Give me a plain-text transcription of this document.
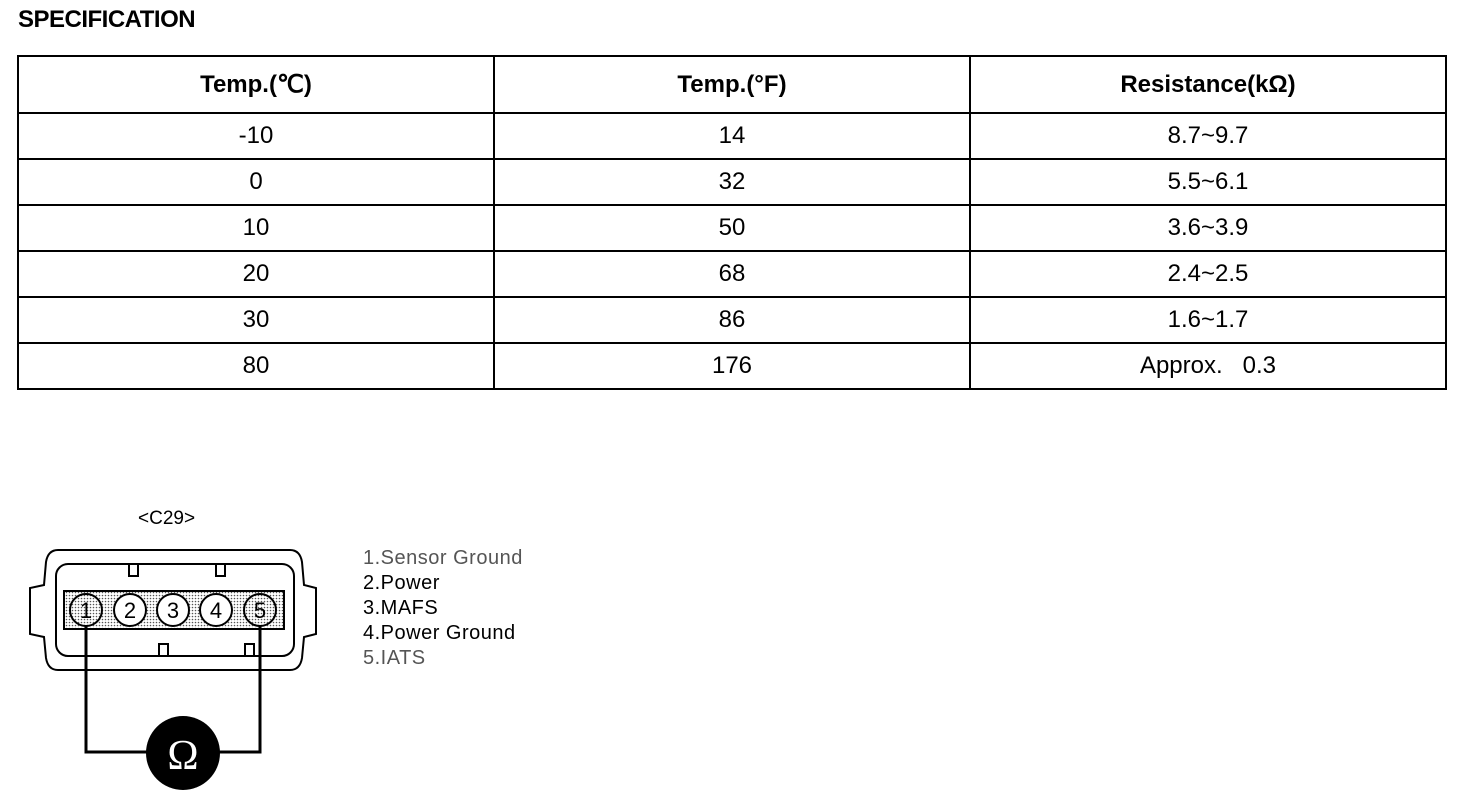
SPECIFICATION
Temp.(℃)	Temp.(°F)	Resistance(kΩ)
-10	14	8.7~9.7
0	32	5.5~6.1
10	50	3.6~3.9
20	68	2.4~2.5
30	86	1.6~1.7
80	176	Approx.   0.3
<C29>
1 2 3 4 5
Ω
1.Sensor Ground
2.Power
3.MAFS
4.Power Ground
5.IATS
